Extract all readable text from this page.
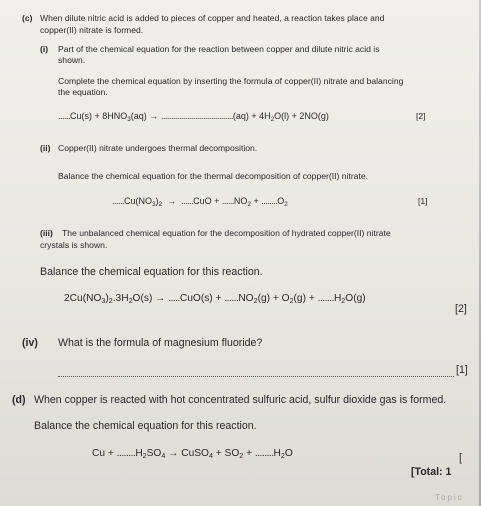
(c) When dilute nitric acid is added to pieces of copper and heated, a reaction takes place and
copper(II) nitrate is formed.
(i) Part of the chemical equation for the reaction between copper and dilute nitric acid is
shown.
Complete the chemical equation by inserting the formula of copper(II) nitrate and balancing
the equation.
$......Cu(s) + 8HNO_3(aq) \to ....................................(aq) + 4H_2O(l) + 2NO(g)$	[2]
(ii) Copper(II) nitrate undergoes thermal decomposition.
Balance the chemical equation for the thermal decomposition of copper(II) nitrate.
$......Cu(NO_3)_2 \to ......CuO + ......NO_2 + ........O_2$	[1]
(iii) The unbalanced chemical equation for the decomposition of hydrated copper(II) nitrate
crystals is shown.
Balance the chemical equation for this reaction.
$2Cu(NO_3)_2.3H_2O(s) \to .....CuO(s) + ......NO_2(g) + O_2(g) + .......H_2O(g)$
[2]
(iv) What is the formula of magnesium fluoride?
[1]
(d) When copper is reacted with hot concentrated sulfuric acid, sulfur dioxide gas is formed.
Balance the chemical equation for this reaction.
$Cu + ........H_2SO_4$ → CuSO$_4$ + $SO_2 + ........H_2O$	[
[Total: 1
Topic
